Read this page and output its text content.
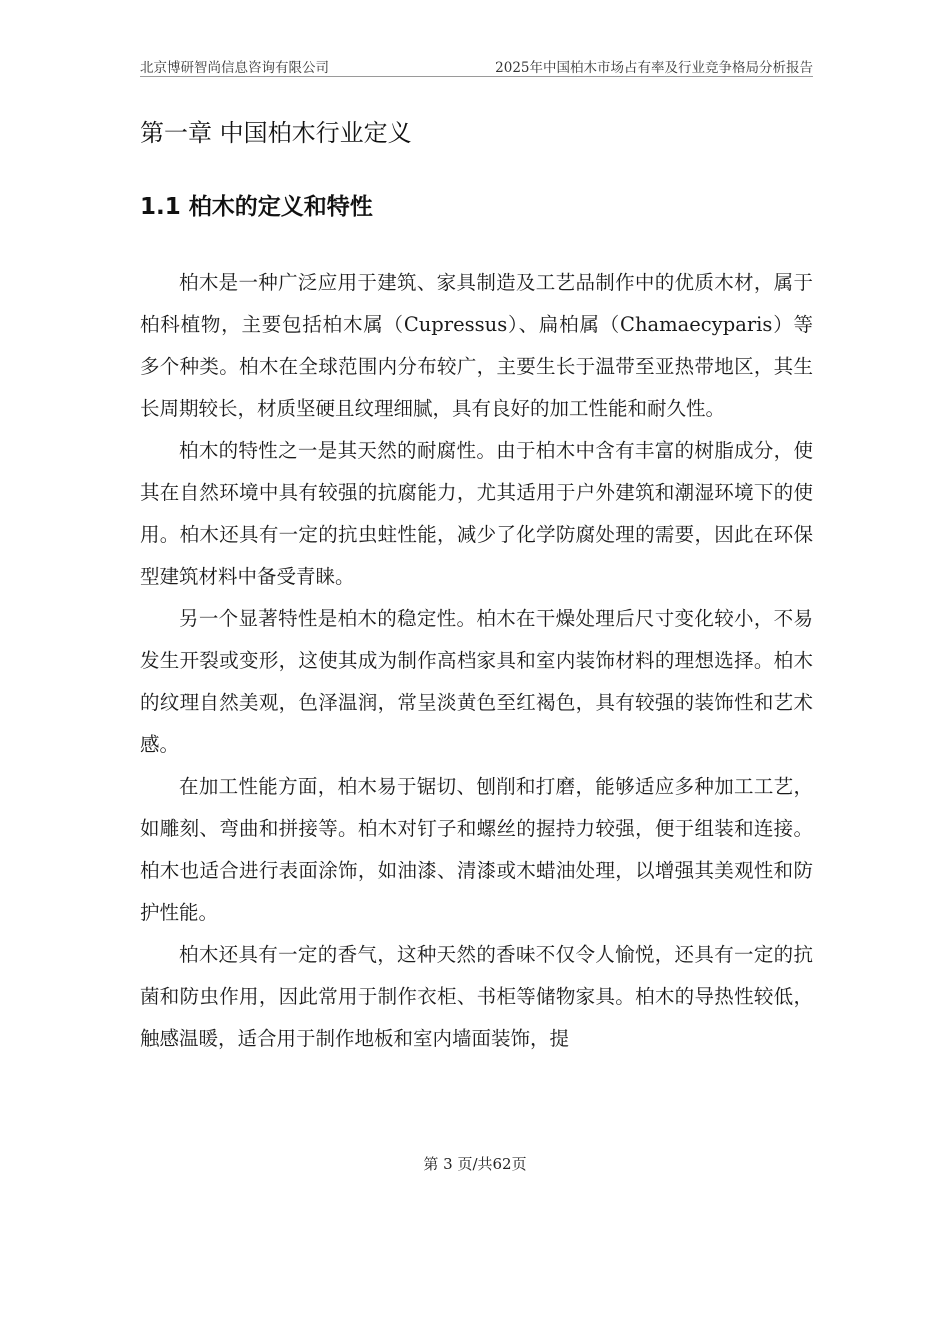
北京博研智尚信息咨询有限公司	2025年中国柏木市场占有率及行业竞争格局分析报告
第一章 中国柏木行业定义
1.1 柏木的定义和特性

柏木是一种广泛应用于建筑、家具制造及工艺品制作中的优质木材，属于柏科植物，主要包括柏木属（Cupressus）、扁柏属（Chamaecyparis）等多个种类。柏木在全球范围内分布较广，主要生长于温带至亚热带地区，其生长周期较长，材质坚硬且纹理细腻，具有良好的加工性能和耐久性。

柏木的特性之一是其天然的耐腐性。由于柏木中含有丰富的树脂成分，使其在自然环境中具有较强的抗腐能力，尤其适用于户外建筑和潮湿环境下的使用。柏木还具有一定的抗虫蛀性能，减少了化学防腐处理的需要，因此在环保型建筑材料中备受青睐。

另一个显著特性是柏木的稳定性。柏木在干燥处理后尺寸变化较小，不易发生开裂或变形，这使其成为制作高档家具和室内装饰材料的理想选择。柏木的纹理自然美观，色泽温润，常呈淡黄色至红褐色，具有较强的装饰性和艺术感。

在加工性能方面，柏木易于锯切、刨削和打磨，能够适应多种加工工艺，如雕刻、弯曲和拼接等。柏木对钉子和螺丝的握持力较强，便于组装和连接。柏木也适合进行表面涂饰，如油漆、清漆或木蜡油处理，以增强其美观性和防护性能。

柏木还具有一定的香气，这种天然的香味不仅令人愉悦，还具有一定的抗菌和防虫作用，因此常用于制作衣柜、书柜等储物家具。柏木的导热性较低，触感温暖，适合用于制作地板和室内墙面装饰，提

第 3 页/共62页
